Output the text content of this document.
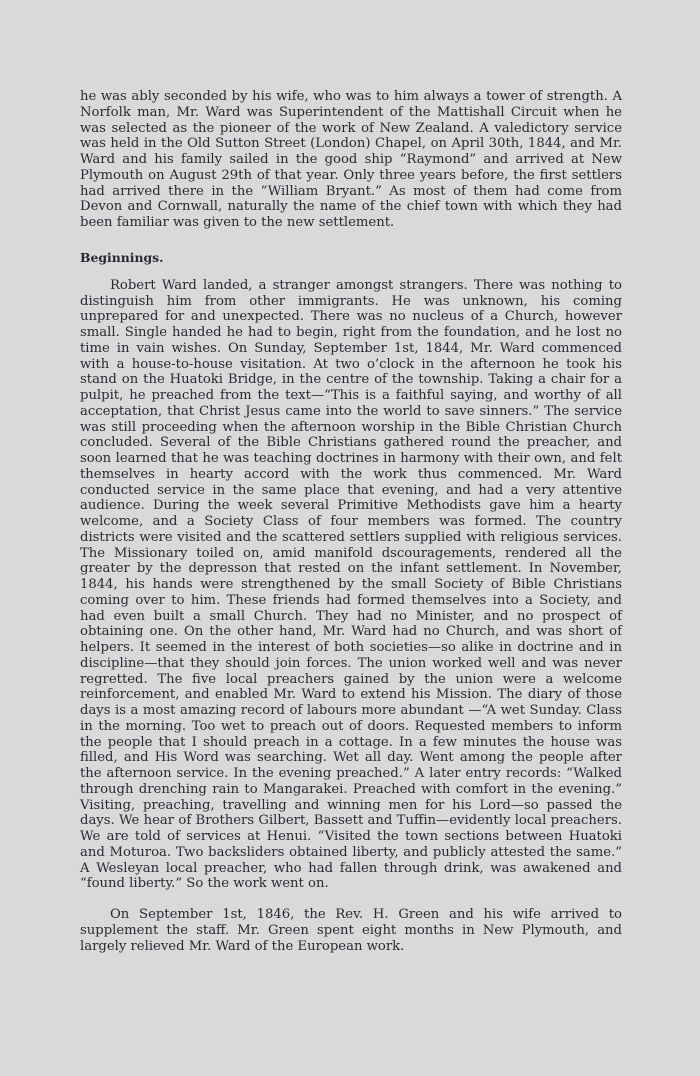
he was ably seconded by his wife, who was to him always a tower of strength. A Norfolk man, Mr. Ward was Superintendent of the Mattishall Circuit when he was selected as the pioneer of the work of New Zealand. A valedictory service was held in the Old Sutton Street (London) Chapel, on April 30th, 1844, and Mr. Ward and his family sailed in the good ship “Raymond” and arrived at New Plymouth on August 29th of that year. Only three years before, the first settlers had arrived there in the “William Bryant.” As most of them had come from Devon and Cornwall, naturally the name of the chief town with which they had been familiar was given to the new settlement.

Beginnings.

Robert Ward landed, a stranger amongst strangers. There was nothing to distinguish him from other immigrants. He was unknown, his coming unprepared for and unexpected. There was no nucleus of a Church, however small. Single handed he had to begin, right from the foundation, and he lost no time in vain wishes. On Sunday, September 1st, 1844, Mr. Ward commenced with a house-to-house visitation. At two o’clock in the afternoon he took his stand on the Huatoki Bridge, in the centre of the township. Taking a chair for a pulpit, he preached from the text—“This is a faithful saying, and worthy of all acceptation, that Christ Jesus came into the world to save sinners.” The service was still proceeding when the afternoon worship in the Bible Christian Church concluded. Several of the Bible Christians gathered round the preacher, and soon learned that he was teaching doctrines in harmony with their own, and felt themselves in hearty accord with the work thus commenced. Mr. Ward conducted service in the same place that evening, and had a very attentive audience. During the week several Primitive Methodists gave him a hearty welcome, and a Society Class of four members was formed. The country districts were visited and the scattered settlers supplied with religious services. The Missionary toiled on, amid manifold dscouragements, rendered all the greater by the depresson that rested on the infant settlement. In November, 1844, his hands were strengthened by the small Society of Bible Christians coming over to him. These friends had formed themselves into a Society, and had even built a small Church. They had no Minister, and no prospect of obtaining one. On the other hand, Mr. Ward had no Church, and was short of helpers. It seemed in the interest of both societies—so alike in doctrine and in discipline—that they should join forces. The union worked well and was never regretted. The five local preachers gained by the union were a welcome reinforcement, and enabled Mr. Ward to extend his Mission. The diary of those days is a most amazing record of labours more abundant —“A wet Sunday. Class in the morning. Too wet to preach out of doors. Requested members to inform the people that I should preach in a cottage. In a few minutes the house was filled, and His Word was searching. Wet all day. Went among the people after the afternoon service. In the evening preached.” A later entry records: “Walked through drenching rain to Mangarakei. Preached with comfort in the evening.” Visiting, preaching, travelling and winning men for his Lord—so passed the days. We hear of Brothers Gilbert, Bassett and Tuffin—evidently local preachers. We are told of services at Henui. “Visited the town sections between Huatoki and Moturoa. Two backsliders obtained liberty, and publicly attested the same.” A Wesleyan local preacher, who had fallen through drink, was awakened and “found liberty.” So the work went on.

On September 1st, 1846, the Rev. H. Green and his wife arrived to supplement the staff. Mr. Green spent eight months in New Plymouth, and largely relieved Mr. Ward of the European work.
